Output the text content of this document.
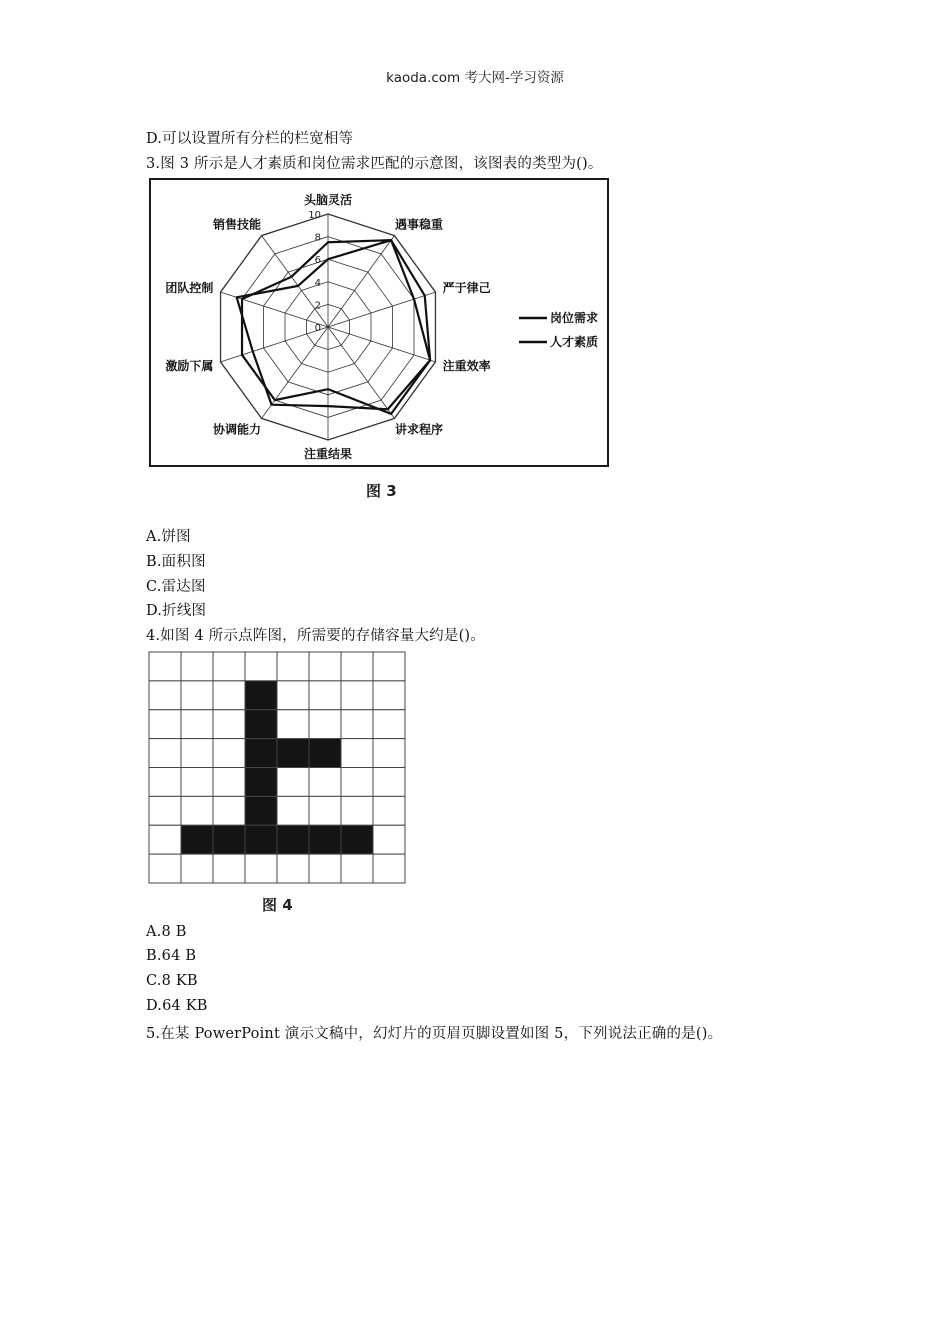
kaoda.com 考大网-学习资源
D.可以设置所有分栏的栏宽相等
3.图 3 所示是人才素质和岗位需求匹配的示意图，该图表的类型为()。
0
2
4
6
8
10
头脑灵活
遇事稳重
严于律己
注重效率
讲求程序
注重结果
协调能力
激励下属
团队控制
销售技能
岗位需求
人才素质
图 3
A.饼图
B.面积图
C.雷达图
D.折线图
4.如图 4 所示点阵图，所需要的存储容量大约是()。
图 4
A.8 B
B.64 B
C.8 KB
D.64 KB
5.在某 PowerPoint 演示文稿中，幻灯片的页眉页脚设置如图 5，下列说法正确的是()。
